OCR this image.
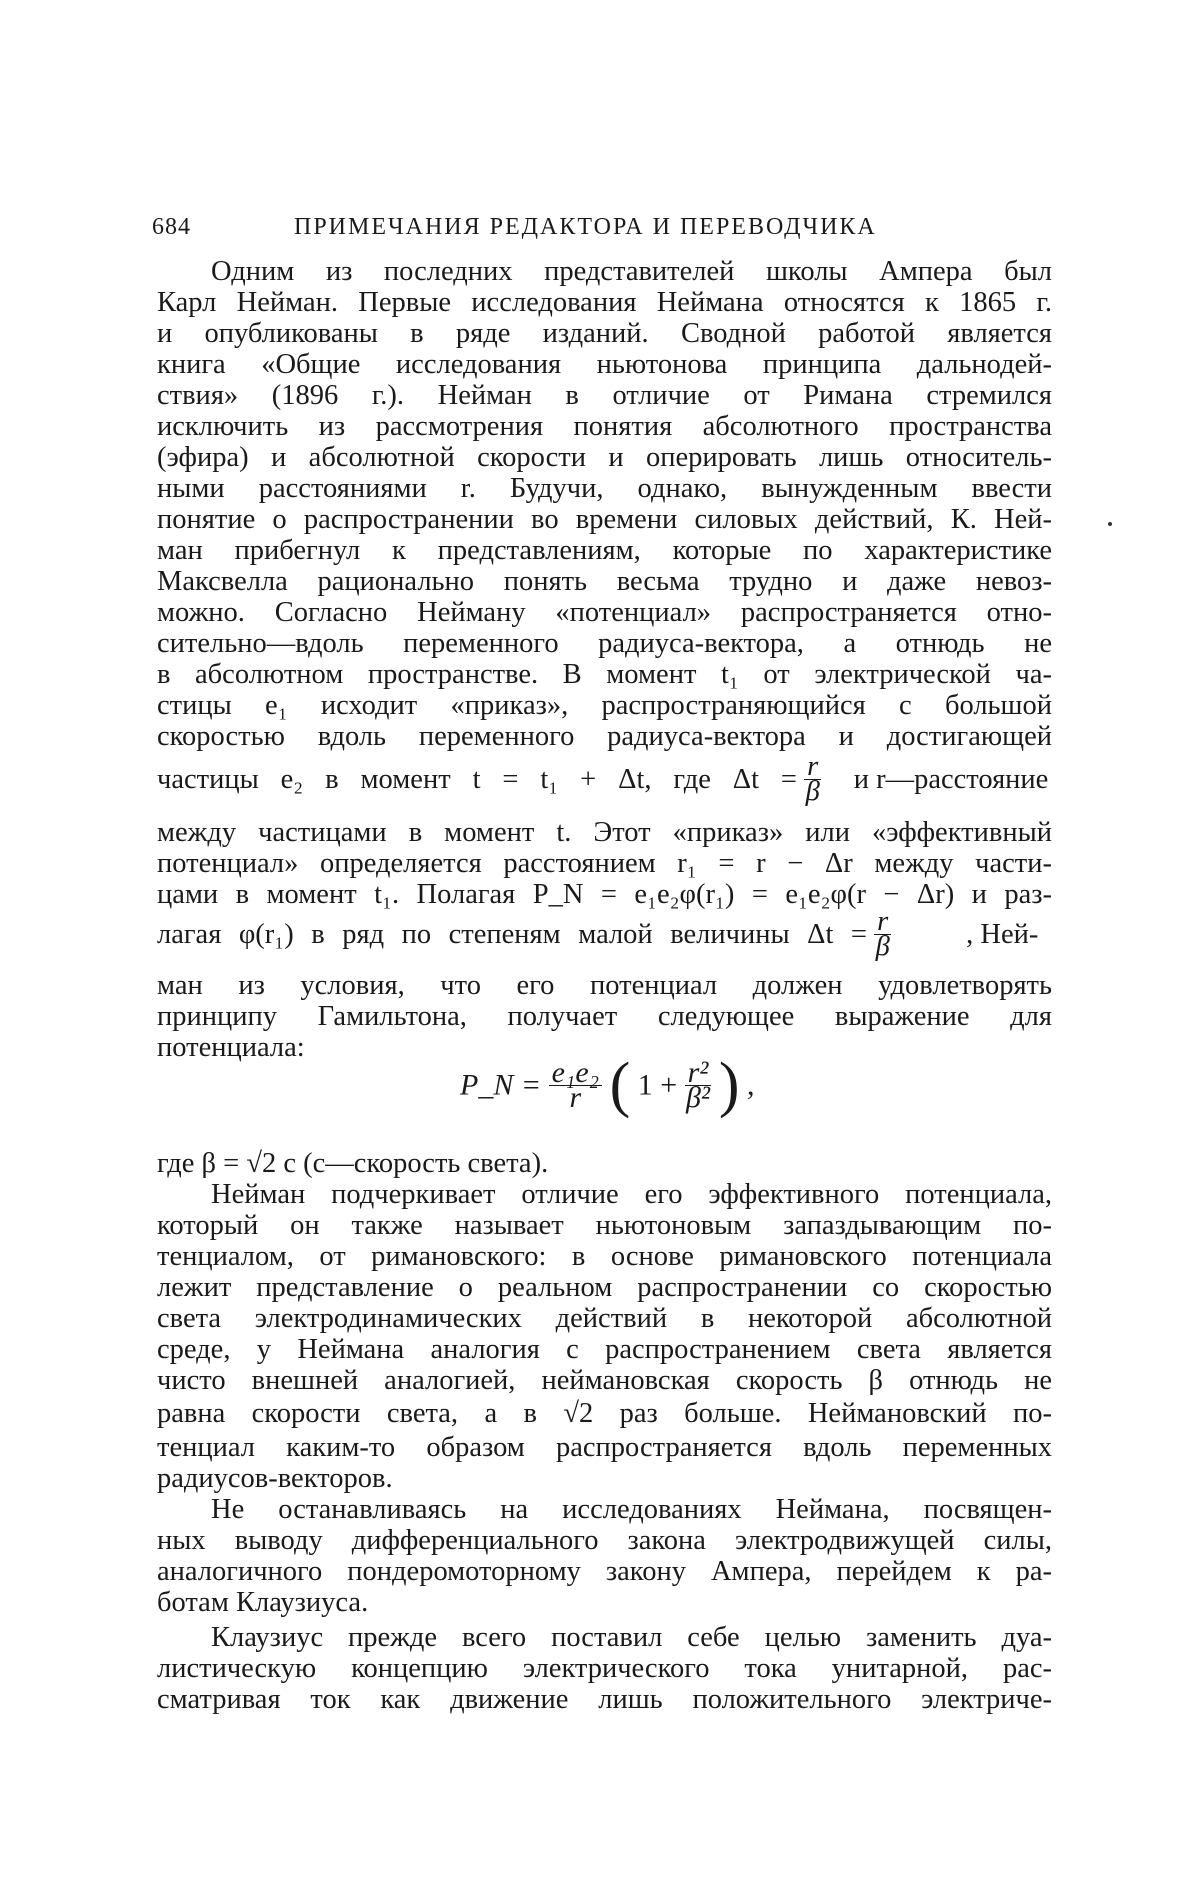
684	ПРИМЕЧАНИЯ РЕДАКТОРА И ПЕРЕВОДЧИКА
Одним из последних представителей школы Ампера был
Карл Нейман. Первые исследования Неймана относятся к 1865 г.
и опубликованы в ряде изданий. Сводной работой является
книга «Общие исследования ньютонова принципа дальнодей-
ствия» (1896 г.). Нейман в отличие от Римана стремился
исключить из рассмотрения понятия абсолютного пространства
(эфира) и абсолютной скорости и оперировать лишь относитель-
ными расстояниями r. Будучи, однако, вынужденным ввести
понятие о распространении во времени силовых действий, К. Ней-
ман прибегнул к представлениям, которые по характеристике
Максвелла рационально понять весьма трудно и даже невоз-
можно. Согласно Нейману «потенциал» распространяется отно-
сительно—вдоль переменного радиуса-вектора, а отнюдь не
в абсолютном пространстве. В момент t₁ от электрической ча-
стицы e₁ исходит «приказ», распространяющийся с большой
скоростью вдоль переменного радиуса-вектора и достигающей
частицы e₂ в момент t = t₁ + Δt, где $\Delta t = \frac{r}{\beta}$ и r—расстояние
между частицами в момент t. Этот «приказ» или «эффективный
потенциал» определяется расстоянием r₁ = r − Δr между части-
цами в момент t₁. Полагая P_N = e₁e₂φ(r₁) = e₁e₂φ(r − Δr) и раз-
лагая φ(r₁) в ряд по степеням малой величины $\Delta t = \frac{r}{\beta}$	, Ней-
ман из условия, что его потенциал должен удовлетворять
принципу Гамильтона, получает следующее выражение для
потенциала:
P_N = $\frac{\text{e₁e₂}}{r}$ ( $1 + \frac{\text{r²}}{\text{β²}}$ ) ,
где β = √2 c (c—скорость света).
Нейман подчеркивает отличие его эффективного потенциала,
который он также называет ньютоновым запаздывающим по-
тенциалом, от римановского: в основе римановского потенциала
лежит представление о реальном распространении со скоростью
света электродинамических действий в некоторой абсолютной
среде, у Неймана аналогия с распространением света является
чисто внешней аналогией, неймановская скорость β отнюдь не
равна скорости света, а в √2 раз больше. Неймановский по-
тенциал каким-то образом распространяется вдоль переменных
радиусов-векторов.
Не останавливаясь на исследованиях Неймана, посвящен-
ных выводу дифференциального закона электродвижущей силы,
аналогичного пондеромоторному закону Ампера, перейдем к ра-
ботам Клаузиуса.
Клаузиус прежде всего поставил себе целью заменить дуа-
листическую концепцию электрического тока унитарной, рас-
сматривая ток как движение лишь положительного электриче-
